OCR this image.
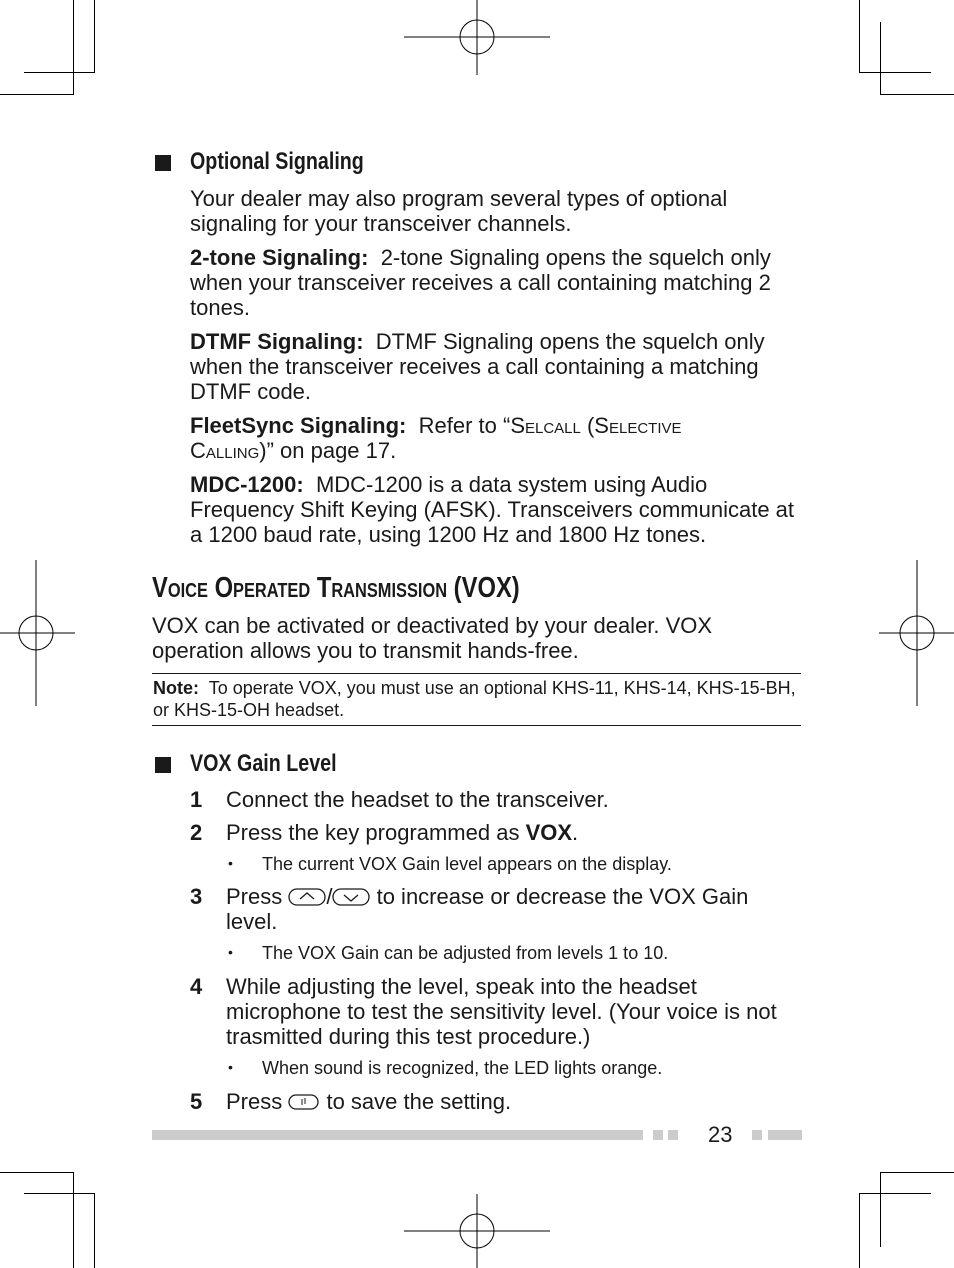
Optional Signaling
Your dealer may also program several types of optional signaling for your transceiver channels.
2-tone Signaling: 2-tone Signaling opens the squelch only when your transceiver receives a call containing matching 2 tones.
DTMF Signaling: DTMF Signaling opens the squelch only when the transceiver receives a call containing a matching DTMF code.
FleetSync Signaling: Refer to “Selcall (Selective Calling)” on page 17.
MDC-1200: MDC-1200 is a data system using Audio Frequency Shift Keying (AFSK). Transceivers communicate at a 1200 baud rate, using 1200 Hz and 1800 Hz tones.
Voice Operated Transmission (VOX)
VOX can be activated or deactivated by your dealer. VOX operation allows you to transmit hands-free.
Note: To operate VOX, you must use an optional KHS-11, KHS-14, KHS-15-BH, or KHS-15-OH headset.
VOX Gain Level
1 Connect the headset to the transceiver.
2 Press the key programmed as VOX.
• The current VOX Gain level appears on the display.
3 Press / to increase or decrease the VOX Gain level.
• The VOX Gain can be adjusted from levels 1 to 10.
4 While adjusting the level, speak into the headset microphone to test the sensitivity level. (Your voice is not trasmitted during this test procedure.)
• When sound is recognized, the LED lights orange.
5 Press  to save the setting.
23
